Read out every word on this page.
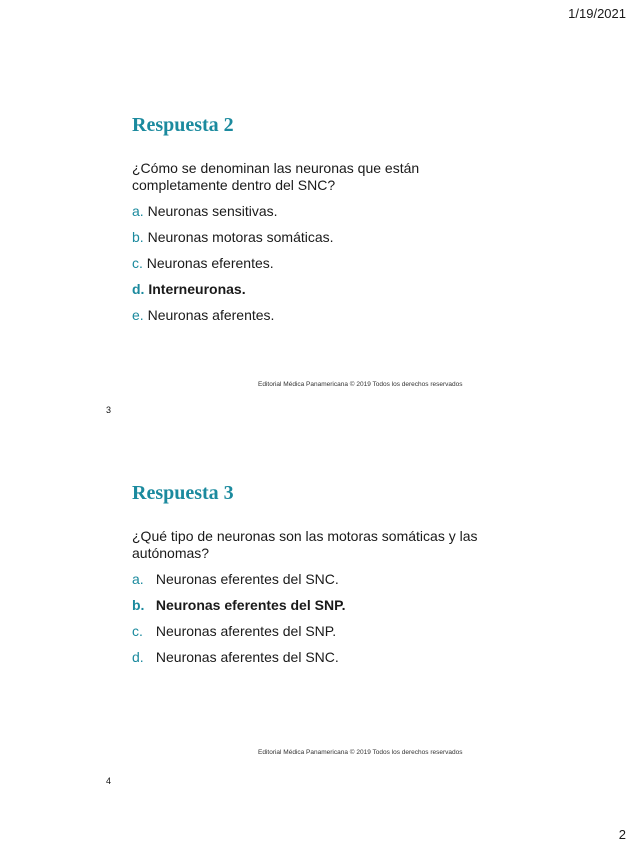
1/19/2021
Respuesta 2
¿Cómo se denominan las neuronas que están completamente dentro del SNC?
a. Neuronas sensitivas.
b. Neuronas motoras somáticas.
c. Neuronas eferentes.
d. Interneuronas.
e. Neuronas aferentes.
Editorial Médica Panamericana © 2019 Todos los derechos reservados
3
Respuesta 3
¿Qué tipo de neuronas son las motoras somáticas y las autónomas?
a. Neuronas eferentes del SNC.
b. Neuronas eferentes del SNP.
c. Neuronas aferentes del SNP.
d. Neuronas aferentes del SNC.
Editorial Médica Panamericana © 2019 Todos los derechos reservados
4
2
